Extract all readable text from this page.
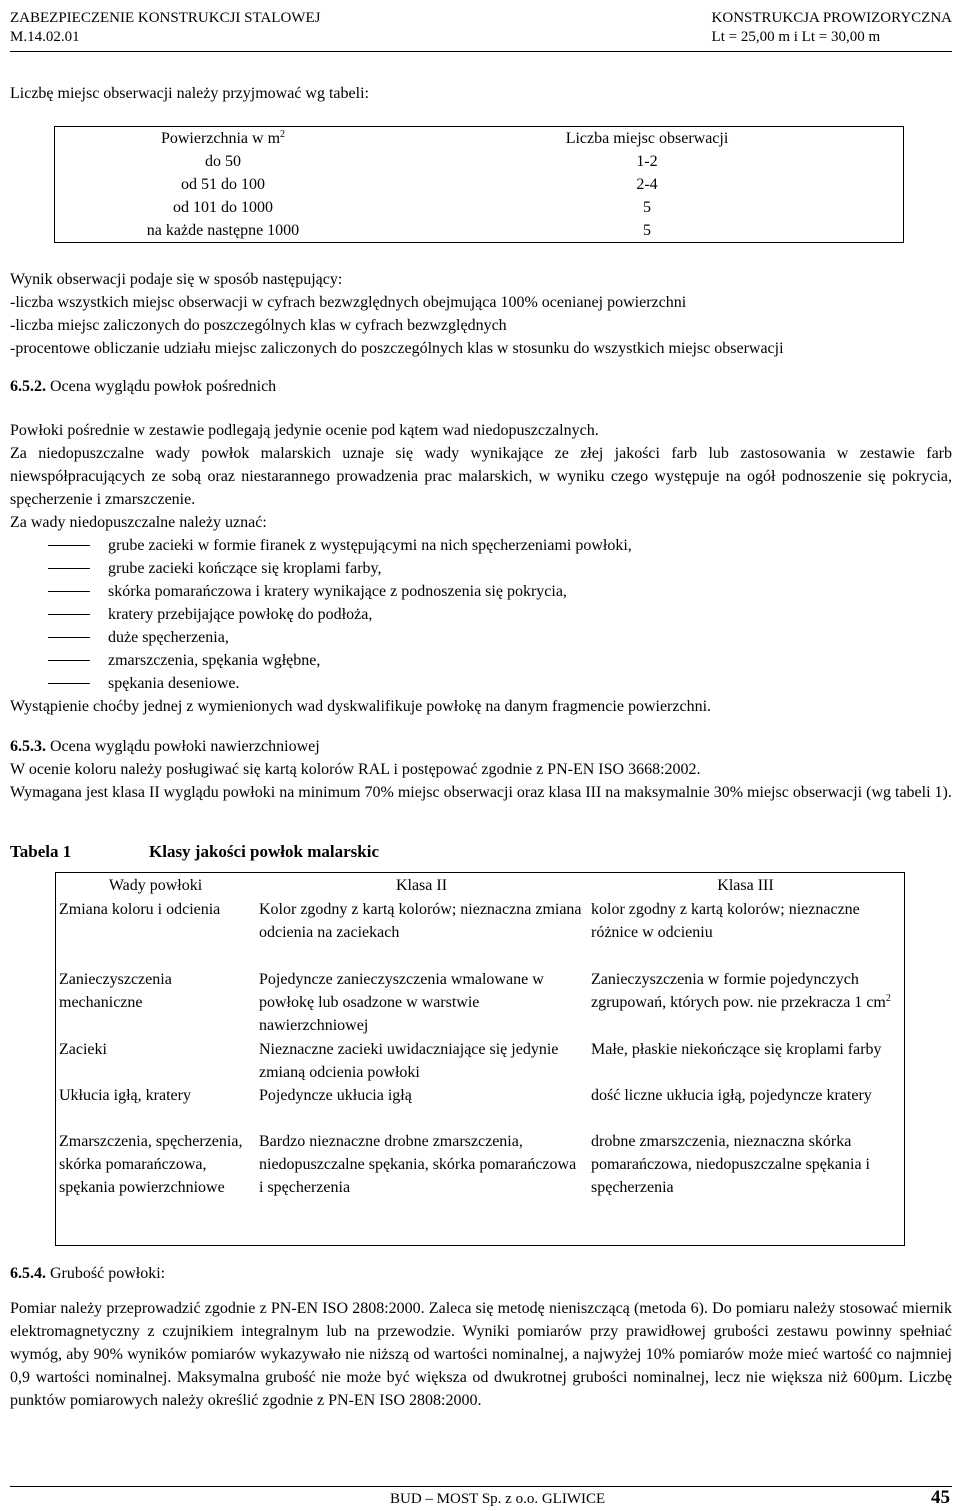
ZABEZPIECZENIE KONSTRUKCJI STALOWEJ
M.14.02.01
KONSTRUKCJA PROWIZORYCZNA
Lt = 25,00 m i Lt = 30,00 m
Liczbę miejsc obserwacji należy przyjmować wg tabeli:
Powierzchnia w $m^2$	Liczba miejsc obserwacji
do 50	1-2
od 51 do 100	2-4
od 101 do 1000	5
na każde następne 1000	5
Wynik obserwacji podaje się w sposób następujący:
-liczba wszystkich miejsc obserwacji w cyfrach bezwzględnych obejmująca 100% ocenianej powierzchni
-liczba miejsc zaliczonych do poszczególnych klas w cyfrach bezwzględnych
-procentowe obliczanie udziału miejsc zaliczonych do poszczególnych klas w stosunku do wszystkich miejsc obserwacji
6.5.2. Ocena wyglądu powłok pośrednich
Powłoki pośrednie w zestawie podlegają jedynie ocenie pod kątem wad niedopuszczalnych.
Za niedopuszczalne wady powłok malarskich uznaje się wady wynikające ze złej jakości farb lub zastosowania w zestawie farb niewspółpracujących ze sobą oraz niestarannego prowadzenia prac malarskich, w wyniku czego występuje na ogół podnoszenie się pokrycia, spęcherzenie i zmarszczenie.
Za wady niedopuszczalne należy uznać:
grube zacieki w formie firanek z występującymi na nich spęcherzeniami powłoki,
grube zacieki kończące się kroplami farby,
skórka pomarańczowa i kratery wynikające z podnoszenia się pokrycia,
kratery przebijające powłokę do podłoża,
duże spęcherzenia,
zmarszczenia, spękania wgłębne,
spękania deseniowe.
Wystąpienie choćby jednej z wymienionych wad dyskwalifikuje powłokę na danym fragmencie powierzchni.
6.5.3. Ocena wyglądu powłoki nawierzchniowej
W ocenie koloru należy posługiwać się kartą kolorów RAL i postępować zgodnie z PN-EN ISO 3668:2002.
Wymagana jest klasa II wyglądu powłoki na minimum 70% miejsc obserwacji oraz klasa III na maksymalnie 30% miejsc obserwacji (wg tabeli 1).
Tabela 1	Klasy jakości powłok malarskic
Wady powłoki	Klasa II	Klasa III
Zmiana koloru i odcienia	Kolor zgodny z kartą kolorów; nieznaczna zmiana odcienia na zaciekach	kolor zgodny z kartą kolorów; nieznaczne różnice w odcieniu
Zanieczyszczenia mechaniczne	Pojedyncze zanieczyszczenia wmalowane w powłokę lub osadzone w warstwie nawierzchniowej	Zanieczyszczenia w formie pojedynczych zgrupowań, których pow. nie przekracza 1 $cm^2$
Zacieki	Nieznaczne zacieki uwidaczniające się jedynie zmianą odcienia powłoki	Małe, płaskie niekończące się kroplami farby
Ukłucia igłą, kratery	Pojedyncze ukłucia igłą	dość liczne ukłucia igłą, pojedyncze kratery
Zmarszczenia, spęcherzenia, skórka pomarańczowa, spękania powierzchniowe	Bardzo nieznaczne drobne zmarszczenia, niedopuszczalne spękania, skórka pomarańczowa i spęcherzenia	drobne zmarszczenia, nieznaczna skórka pomarańczowa, niedopuszczalne spękania i spęcherzenia
6.5.4. Grubość powłoki:
Pomiar należy przeprowadzić zgodnie z PN-EN ISO 2808:2000. Zaleca się metodę nieniszczącą (metoda 6). Do pomiaru należy stosować miernik elektromagnetyczny z czujnikiem integralnym lub na przewodzie. Wyniki pomiarów przy prawidłowej grubości zestawu powinny spełniać wymóg, aby 90% wyników pomiarów wykazywało nie niższą od wartości nominalnej, a najwyżej 10% pomiarów może mieć wartość co najmniej 0,9 wartości nominalnej. Maksymalna grubość nie może być większa od dwukrotnej grubości nominalnej, lecz nie większa niż 600µm. Liczbę punktów pomiarowych należy określić zgodnie z PN-EN ISO 2808:2000.
BUD – MOST Sp. z o.o. GLIWICE	45
